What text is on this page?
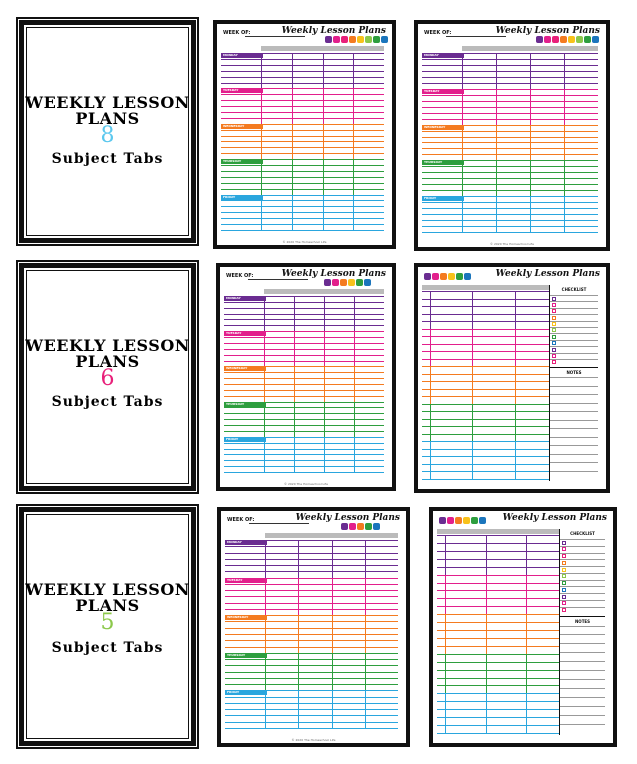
WEEKLY LESSON
PLANS
8
Subject Tabs
WEEKLY LESSON
PLANS
6
Subject Tabs
WEEKLY LESSON
PLANS
5
Subject Tabs
Weekly Lesson Plans
WEEK OF:
MONDAY
TUESDAY
WEDNESDAY
THURSDAY
FRIDAY
© 2020 The Homeschool Life
Weekly Lesson Plans
WEEK OF:
MONDAY
TUESDAY
WEDNESDAY
THURSDAY
FRIDAY
© 2020 The Homeschool Life
Weekly Lesson Plans
WEEK OF:
MONDAY
TUESDAY
WEDNESDAY
THURSDAY
FRIDAY
© 2020 The Homeschool Life
Weekly Lesson Plans
CHECKLIST
NOTES
Weekly Lesson Plans
WEEK OF:
MONDAY
TUESDAY
WEDNESDAY
THURSDAY
FRIDAY
© 2020 The Homeschool Life
Weekly Lesson Plans
CHECKLIST
NOTES
